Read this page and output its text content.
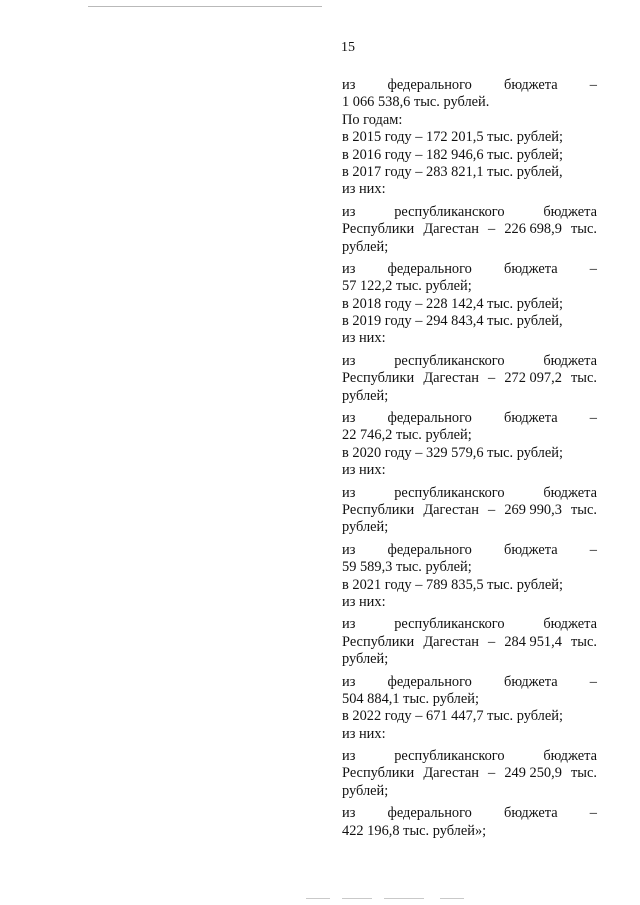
15
из федерального бюджета –
1 066 538,6 тыс. рублей.
По годам:
в 2015 году – 172 201,5 тыс. рублей;
в 2016 году – 182 946,6 тыс. рублей;
в 2017 году – 283 821,1 тыс. рублей,
из них:
из	республиканского	бюджета
Республики Дагестан – 226 698,9 тыс.
рублей;
из федерального бюджета –
57 122,2 тыс. рублей;
в 2018 году – 228 142,4 тыс. рублей;
в 2019 году – 294 843,4 тыс. рублей,
из них:
из	республиканского	бюджета
Республики Дагестан – 272 097,2 тыс.
рублей;
из федерального бюджета –
22 746,2 тыс. рублей;
в 2020 году – 329 579,6 тыс. рублей;
из них:
из	республиканского	бюджета
Республики Дагестан – 269 990,3 тыс.
рублей;
из федерального бюджета –
59 589,3 тыс. рублей;
в 2021 году – 789 835,5 тыс. рублей;
из них:
из	республиканского	бюджета
Республики Дагестан – 284 951,4 тыс.
рублей;
из федерального бюджета –
504 884,1 тыс. рублей;
в 2022 году – 671 447,7 тыс. рублей;
из них:
из	республиканского	бюджета
Республики Дагестан – 249 250,9 тыс.
рублей;
из федерального бюджета –
422 196,8 тыс. рублей»;
